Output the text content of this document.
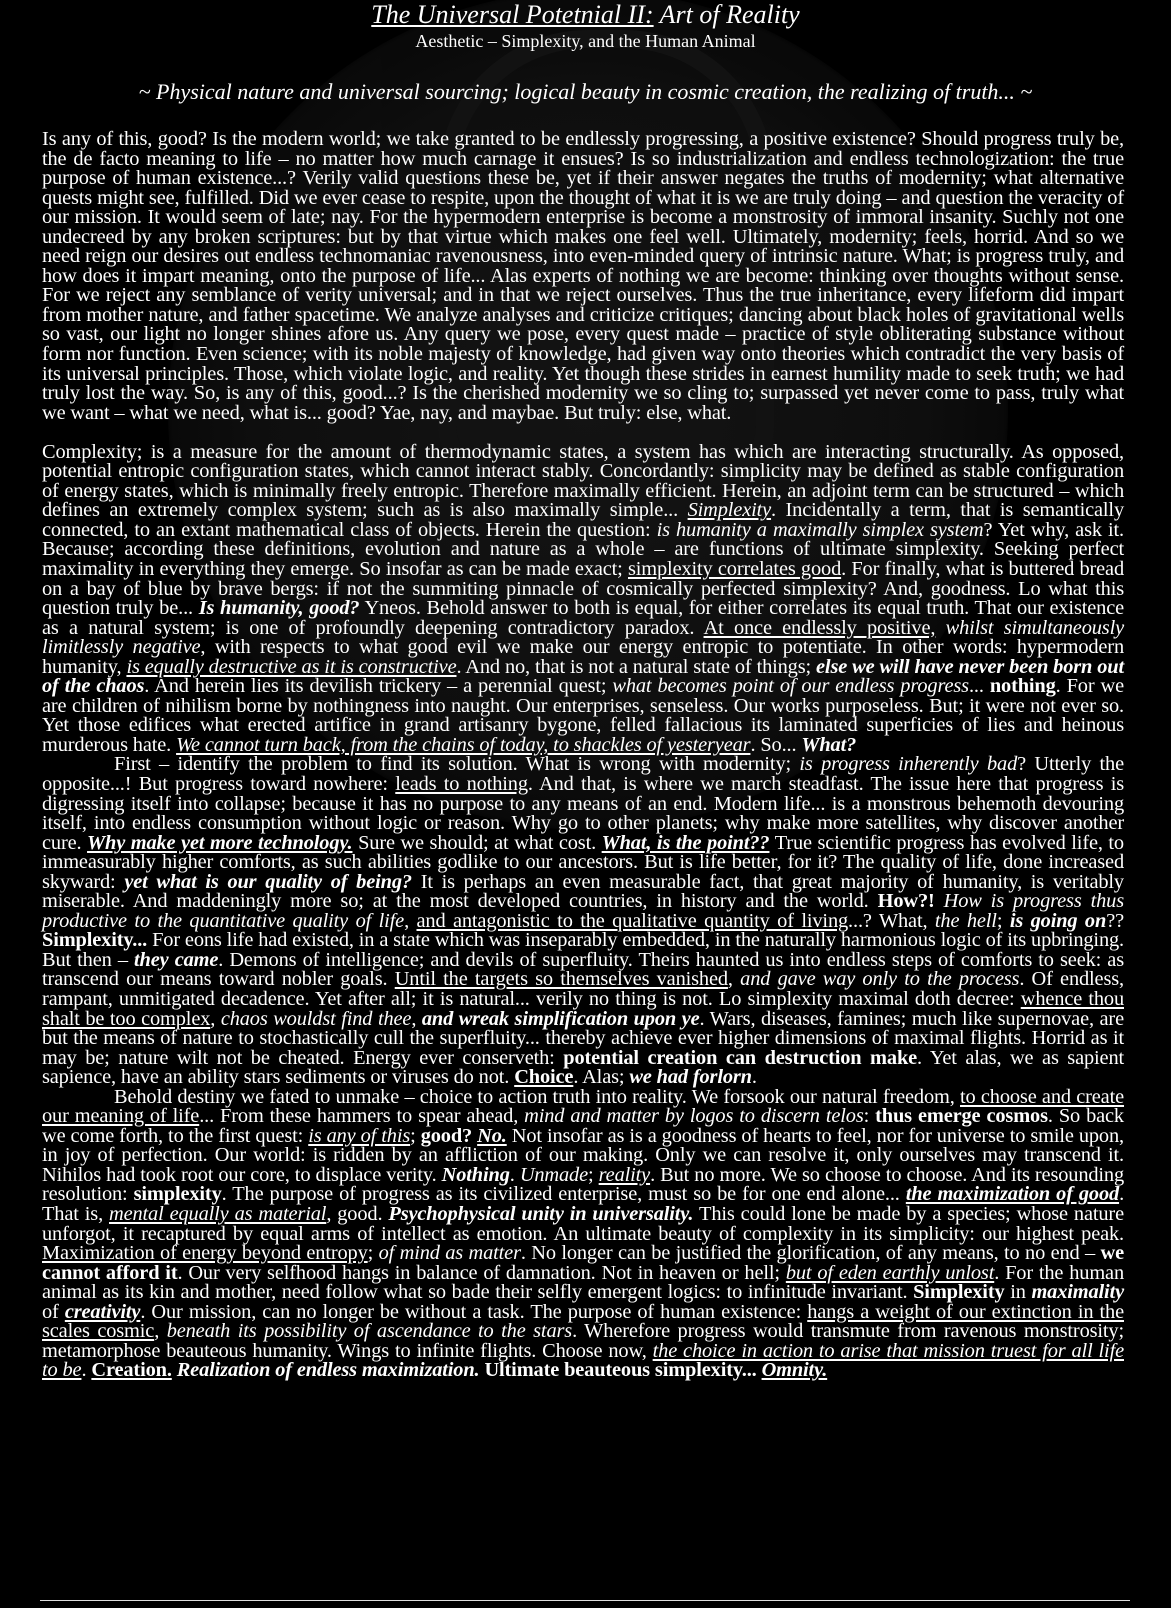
The Universal Potetnial II: Art of Reality
Aesthetic – Simplexity, and the Human Animal
~ Physical nature and universal sourcing; logical beauty in cosmic creation, the realizing of truth... ~

Is any of this, good? Is the modern world; we take granted to be endlessly progressing, a positive existence? Should progress truly be, the de facto meaning to life – no matter how much carnage it ensues? Is so industrialization and endless technologization: the true purpose of human existence...? Verily valid questions these be, yet if their answer negates the truths of modernity; what alternative quests might see, fulfilled. Did we ever cease to respite, upon the thought of what it is we are truly doing – and question the veracity of our mission. It would seem of late; nay. For the hypermodern enterprise is become a monstrosity of immoral insanity. Suchly not one undecreed by any broken scriptures: but by that virtue which makes one feel well. Ultimately, modernity; feels, horrid. And so we need reign our desires out endless technomaniac ravenousness, into even-minded query of intrinsic nature. What; is progress truly, and how does it impart meaning, onto the purpose of life... Alas experts of nothing we are become: thinking over thoughts without sense. For we reject any semblance of verity universal; and in that we reject ourselves. Thus the true inheritance, every lifeform did impart from mother nature, and father spacetime. We analyze analyses and criticize critiques; dancing about black holes of gravitational wells so vast, our light no longer shines afore us. Any query we pose, every quest made – practice of style obliterating substance without form nor function. Even science; with its noble majesty of knowledge, had given way onto theories which contradict the very basis of its universal principles. Those, which violate logic, and reality. Yet though these strides in earnest humility made to seek truth; we had truly lost the way. So, is any of this, good...? Is the cherished modernity we so cling to; surpassed yet never come to pass, truly what we want – what we need, what is... good? Yae, nay, and maybae. But truly: else, what.

Complexity; is a measure for the amount of thermodynamic states, a system has which are interacting structurally. As opposed, potential entropic configuration states, which cannot interact stably. Concordantly: simplicity may be defined as stable configuration of energy states, which is minimally freely entropic. Therefore maximally efficient. Herein, an adjoint term can be structured – which defines an extremely complex system; such as is also maximally simple... Simplexity. Incidentally a term, that is semantically connected, to an extant mathematical class of objects. Herein the question: is humanity a maximally simplex system? Yet why, ask it. Because; according these definitions, evolution and nature as a whole – are functions of ultimate simplexity. Seeking perfect maximality in everything they emerge. So insofar as can be made exact; simplexity correlates good. For finally, what is buttered bread on a bay of blue by brave bergs: if not the summiting pinnacle of cosmically perfected simplexity? And, goodness. Lo what this question truly be... Is humanity, good? Yneos. Behold answer to both is equal, for either correlates its equal truth. That our existence as a natural system; is one of profoundly deepening contradictory paradox. At once endlessly positive, whilst simultaneously limitlessly negative, with respects to what good evil we make our energy entropic to potentiate. In other words: hypermodern humanity, is equally destructive as it is constructive. And no, that is not a natural state of things; else we will have never been born out of the chaos. And herein lies its devilish trickery – a perennial quest; what becomes point of our endless progress... nothing. For we are children of nihilism borne by nothingness into naught. Our enterprises, senseless. Our works purposeless. But; it were not ever so. Yet those edifices what erected artifice in grand artisanry bygone, felled fallacious its laminated superficies of lies and heinous murderous hate. We cannot turn back, from the chains of today, to shackles of yesteryear. So... What?

First – identify the problem to find its solution. What is wrong with modernity; is progress inherently bad? Utterly the opposite...! But progress toward nowhere: leads to nothing. And that, is where we march steadfast. The issue here that progress is digressing itself into collapse; because it has no purpose to any means of an end. Modern life... is a monstrous behemoth devouring itself, into endless consumption without logic or reason. Why go to other planets; why make more satellites, why discover another cure. Why make yet more technology. Sure we should; at what cost. What, is the point?? True scientific progress has evolved life, to immeasurably higher comforts, as such abilities godlike to our ancestors. But is life better, for it? The quality of life, done increased skyward: yet what is our quality of being? It is perhaps an even measurable fact, that great majority of humanity, is veritably miserable. And maddeningly more so; at the most developed countries, in history and the world. How?! How is progress thus productive to the quantitative quality of life, and antagonistic to the qualitative quantity of living...? What, the hell; is going on?? Simplexity... For eons life had existed, in a state which was inseparably embedded, in the naturally harmonious logic of its upbringing. But then – they came. Demons of intelligence; and devils of superfluity. Theirs haunted us into endless steps of comforts to seek: as transcend our means toward nobler goals. Until the targets so themselves vanished, and gave way only to the process. Of endless, rampant, unmitigated decadence. Yet after all; it is natural... verily no thing is not. Lo simplexity maximal doth decree: whence thou shalt be too complex, chaos wouldst find thee, and wreak simplification upon ye. Wars, diseases, famines; much like supernovae, are but the means of nature to stochastically cull the superfluity... thereby achieve ever higher dimensions of maximal flights. Horrid as it may be; nature wilt not be cheated. Energy ever conserveth: potential creation can destruction make. Yet alas, we as sapient sapience, have an ability stars sediments or viruses do not. Choice. Alas; we had forlorn.

Behold destiny we fated to unmake – choice to action truth into reality. We forsook our natural freedom, to choose and create our meaning of life... From these hammers to spear ahead, mind and matter by logos to discern telos: thus emerge cosmos. So back we come forth, to the first quest: is any of this; good? No. Not insofar as is a goodness of hearts to feel, nor for universe to smile upon, in joy of perfection. Our world: is ridden by an affliction of our making. Only we can resolve it, only ourselves may transcend it. Nihilos had took root our core, to displace verity. Nothing. Unmade; reality. But no more. We so choose to choose. And its resounding resolution: simplexity. The purpose of progress as its civilized enterprise, must so be for one end alone... the maximization of good. That is, mental equally as material, good. Psychophysical unity in universality. This could lone be made by a species; whose nature unforgot, it recaptured by equal arms of intellect as emotion. An ultimate beauty of complexity in its simplicity: our highest peak. Maximization of energy beyond entropy; of mind as matter. No longer can be justified the glorification, of any means, to no end – we cannot afford it. Our very selfhood hangs in balance of damnation. Not in heaven or hell; but of eden earthly unlost. For the human animal as its kin and mother, need follow what so bade their selfly emergent logics: to infinitude invariant. Simplexity in maximality of creativity. Our mission, can no longer be without a task. The purpose of human existence: hangs a weight of our extinction in the scales cosmic, beneath its possibility of ascendance to the stars. Wherefore progress would transmute from ravenous monstrosity; metamorphose beauteous humanity. Wings to infinite flights. Choose now, the choice in action to arise that mission truest for all life to be. Creation. Realization of endless maximization. Ultimate beauteous simplexity... Omnity.
